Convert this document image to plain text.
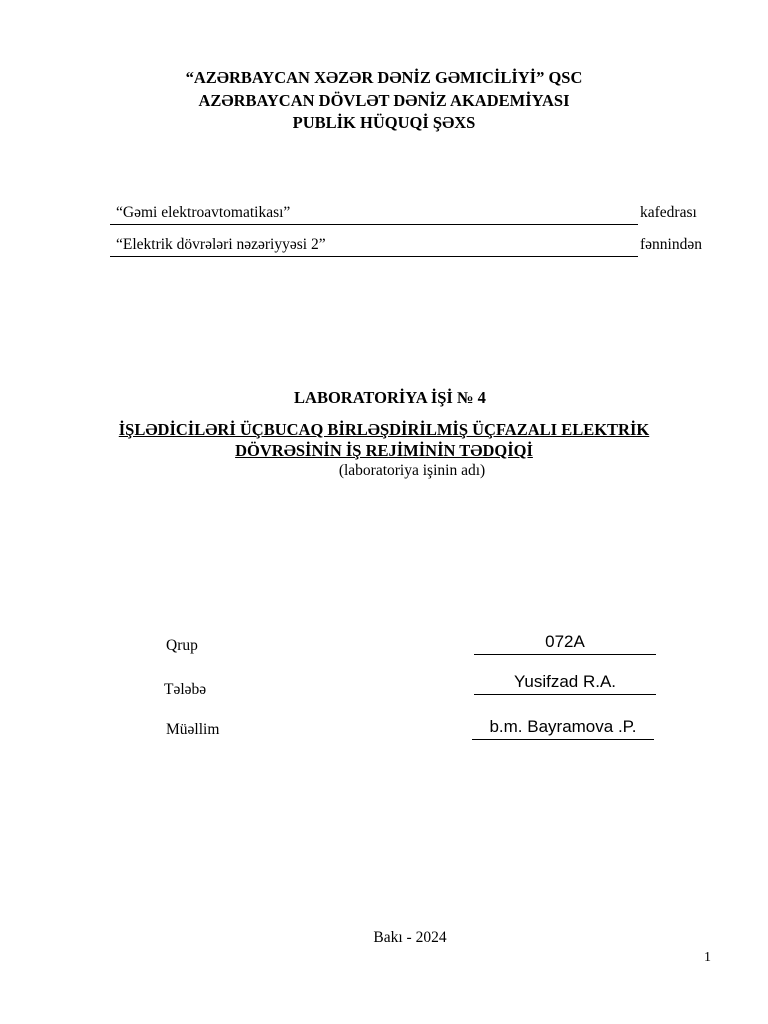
“AZƏRBAYCAN XƏZƏR DƏNİZ GƏMICİLİYİ” QSC
AZƏRBAYCAN DÖVLƏT DƏNİZ AKADEMİYASI
PUBLİK HÜQUQİ ŞƏXS
“Gəmi elektroavtomatikası”	kafedrası
“Elektrik dövrələri nəzəriyyəsi 2”	fənnindən
LABORATORİYA İŞİ № 4
İŞLƏDİCİLƏRİ ÜÇBUCAQ BİRLƏŞDİRİLMİŞ ÜÇFAZALI ELEKTRİK
DÖVRƏSİNİN İŞ REJİMİNİN TƏDQİQİ
(laboratoriya işinin adı)
Qrup	072A
Tələbə	Yusifzad R.A.
Müəllim	b.m. Bayramova .P.
Bakı - 2024
1
